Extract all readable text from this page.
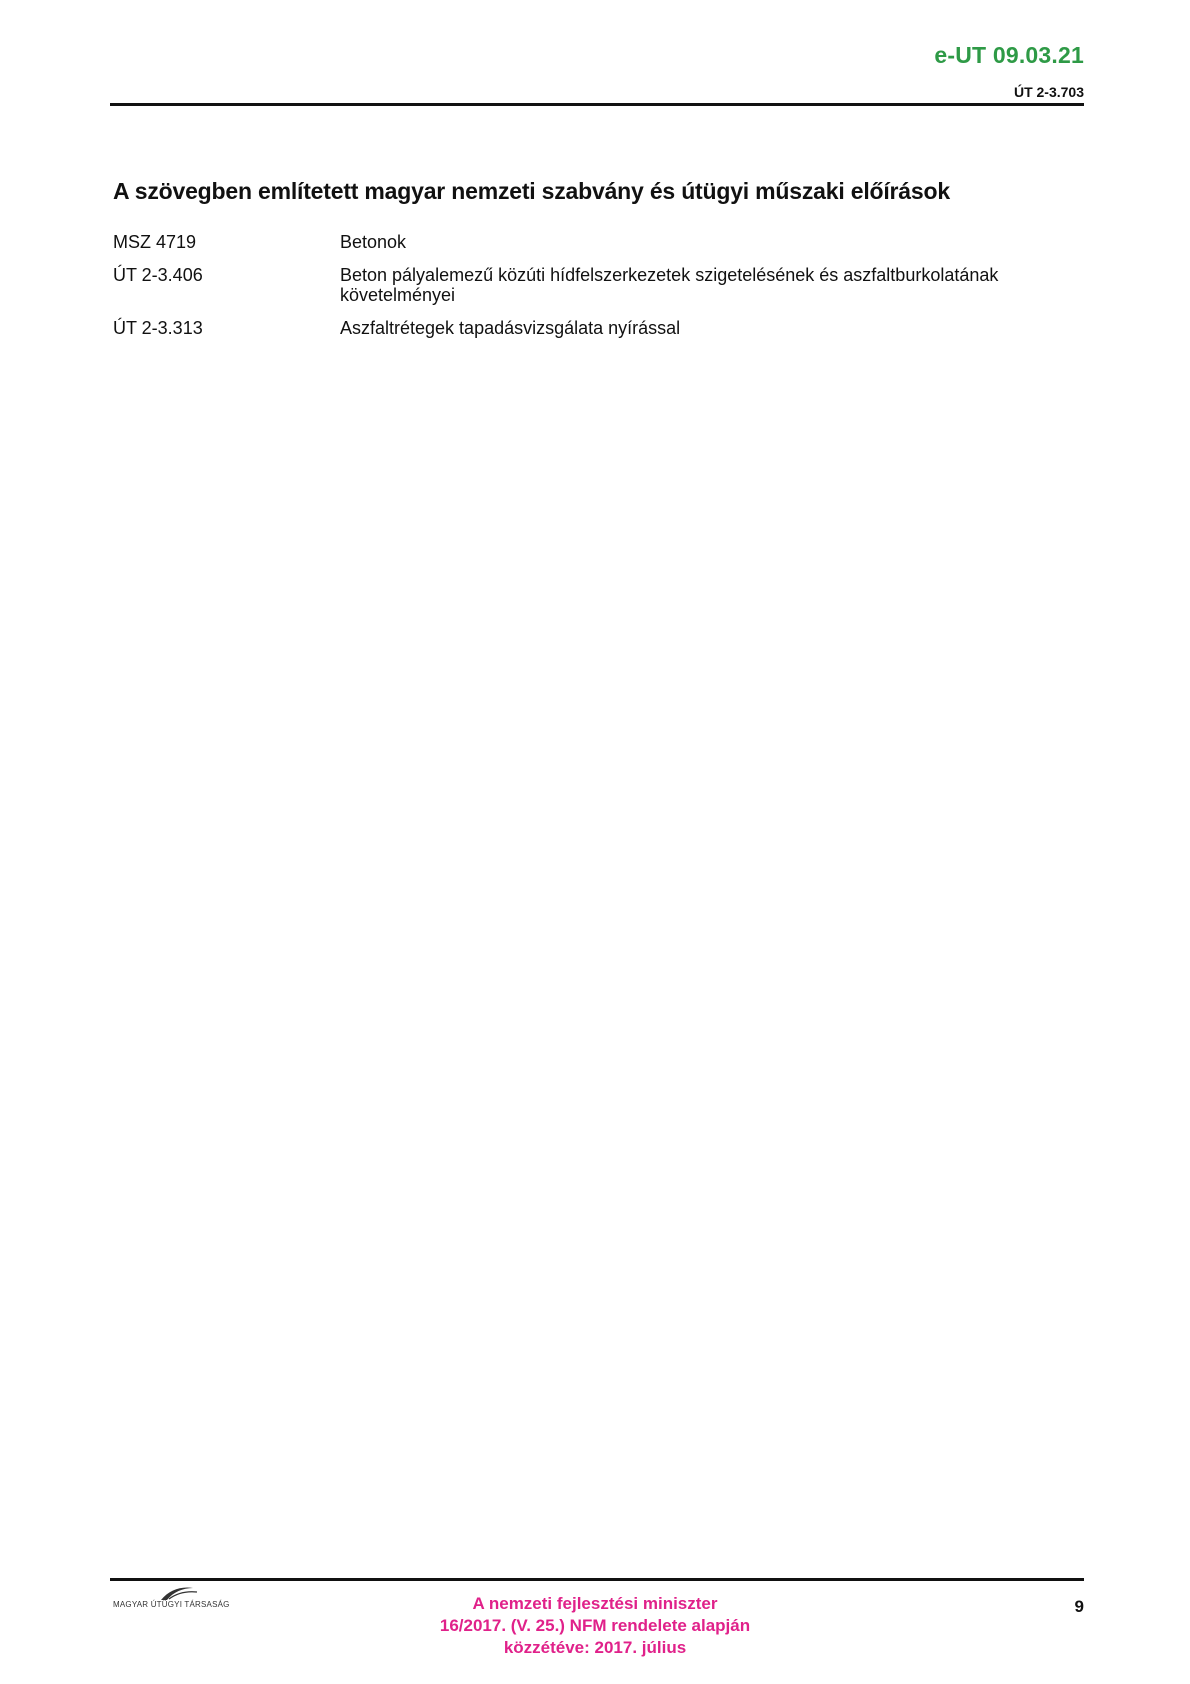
e-UT 09.03.21
ÚT 2-3.703
A szövegben említetett magyar nemzeti szabvány és útügyi műszaki előírások
MSZ 4719	Betonok
ÚT 2-3.406	Beton pályalemezű közúti hídfelszerkezetek szigetelésének és aszfaltburkolatának követelményei
ÚT 2-3.313	Aszfaltrétegek tapadásvizsgálata nyírással
MAGYAR ÚTÜGYI TÁRSASÁG	A nemzeti fejlesztési miniszter
16/2017. (V. 25.) NFM rendelete alapján
közzétéve: 2017. július
9
